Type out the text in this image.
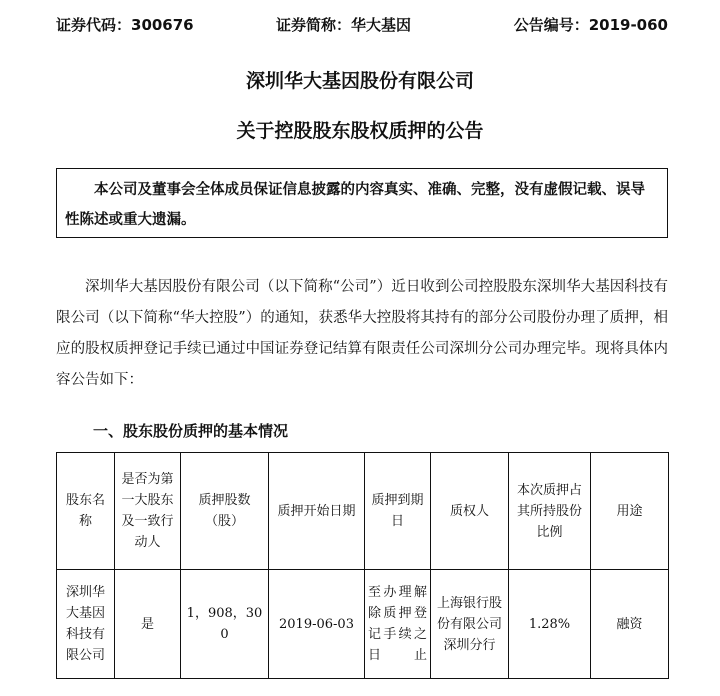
证券代码：300676	证券简称：华大基因	公告编号：2019-060
深圳华大基因股份有限公司
关于控股股东股权质押的公告
本公司及董事会全体成员保证信息披露的内容真实、准确、完整，没有虚假记载、误导性陈述或重大遗漏。
深圳华大基因股份有限公司（以下简称“公司”）近日收到公司控股股东深圳华大基因科技有限公司（以下简称“华大控股”）的通知，获悉华大控股将其持有的部分公司股份办理了质押，相应的股权质押登记手续已通过中国证券登记结算有限责任公司深圳分公司办理完毕。现将具体内容公告如下：
一、股东股份质押的基本情况
股东名称	是否为第一大股东及一致行动人	质押股数（股）	质押开始日期	质押到期日	质权人	本次质押占其所持股份比例	用途
深圳华大基因科技有限公司	是	1，908，300	2019-06-03	至办理解除质押登记手续之日止	上海银行股份有限公司深圳分行	1.28%	融资
